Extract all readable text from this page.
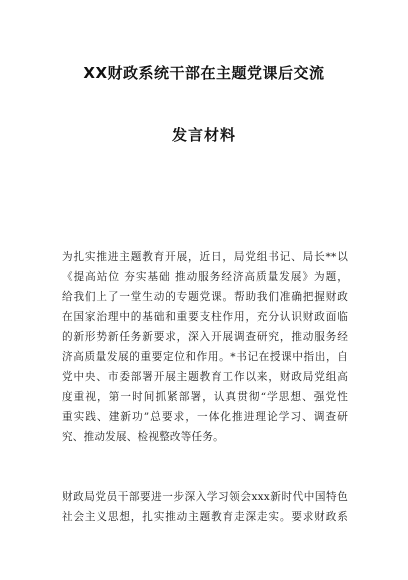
XX财政系统干部在主题党课后交流
发言材料
为扎实推进主题教育开展，近日，局党组书记、局长**以
《提高站位 夯实基础 推动服务经济高质量发展》为题，
给我们上了一堂生动的专题党课。帮助我们准确把握财政
在国家治理中的基础和重要支柱作用，充分认识财政面临
的新形势新任务新要求，深入开展调查研究，推动服务经
济高质量发展的重要定位和作用。*书记在授课中指出，自
党中央、市委部署开展主题教育工作以来，财政局党组高
度重视，第一时间抓紧部署，认真贯彻“学思想、强党性
重实践、建新功”总要求，一体化推进理论学习、调查研
究、推动发展、检视整改等任务。
财政局党员干部要进一步深入学习领会xxx新时代中国特色
社会主义思想，扎实推动主题教育走深走实。要求财政系
